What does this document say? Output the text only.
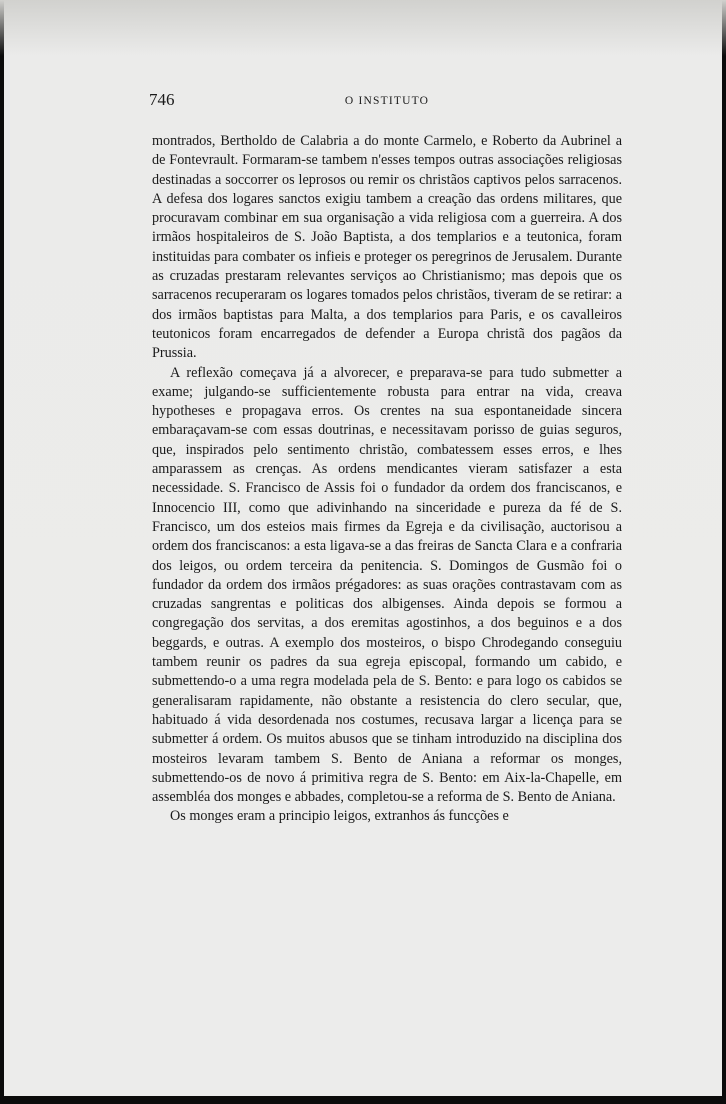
746	O INSTITUTO

montrados, Bertholdo de Calabria a do monte Carmelo, e Roberto da Aubrinel a de Fontevrault. Formaram-se tambem n'esses tempos outras associações religiosas destinadas a soccorrer os leprosos ou remir os christãos captivos pelos sarracenos. A defesa dos logares sanctos exigiu tambem a creação das ordens militares, que procuravam combinar em sua organisação a vida religiosa com a guerreira. A dos irmãos hospitaleiros de S. João Baptista, a dos templarios e a teutonica, foram instituidas para combater os infieis e proteger os peregrinos de Jerusalem. Durante as cruzadas prestaram relevantes serviços ao Christianismo; mas depois que os sarracenos recuperaram os logares tomados pelos christãos, tiveram de se retirar: a dos irmãos baptistas para Malta, a dos templarios para Paris, e os cavalleiros teutonicos foram encarregados de defender a Europa christã dos pagãos da Prussia.

A reflexão começava já a alvorecer, e preparava-se para tudo submetter a exame; julgando-se sufficientemente robusta para entrar na vida, creava hypotheses e propagava erros. Os crentes na sua espontaneidade sincera embaraçavam-se com essas doutrinas, e necessitavam porisso de guias seguros, que, inspirados pelo sentimento christão, combatessem esses erros, e lhes amparassem as crenças. As ordens mendicantes vieram satisfazer a esta necessidade. S. Francisco de Assis foi o fundador da ordem dos franciscanos, e Innocencio III, como que adivinhando na sinceridade e pureza da fé de S. Francisco, um dos esteios mais firmes da Egreja e da civilisação, auctorisou a ordem dos franciscanos: a esta ligava-se a das freiras de Sancta Clara e a confraria dos leigos, ou ordem terceira da penitencia. S. Domingos de Gusmão foi o fundador da ordem dos irmãos prégadores: as suas orações contrastavam com as cruzadas sangrentas e politicas dos albigenses. Ainda depois se formou a congregação dos servitas, a dos eremitas agostinhos, a dos beguinos e a dos beggards, e outras. A exemplo dos mosteiros, o bispo Chrodegando conseguiu tambem reunir os padres da sua egreja episcopal, formando um cabido, e submettendo-o a uma regra modelada pela de S. Bento: e para logo os cabidos se generalisaram rapidamente, não obstante a resistencia do clero secular, que, habituado á vida desordenada nos costumes, recusava largar a licença para se submetter á ordem. Os muitos abusos que se tinham introduzido na disciplina dos mosteiros levaram tambem S. Bento de Aniana a reformar os monges, submettendo-os de novo á primitiva regra de S. Bento: em Aix-la-Chapelle, em assembléa dos monges e abbades, completou-se a reforma de S. Bento de Aniana.

Os monges eram a principio leigos, extranhos ás funcções e
